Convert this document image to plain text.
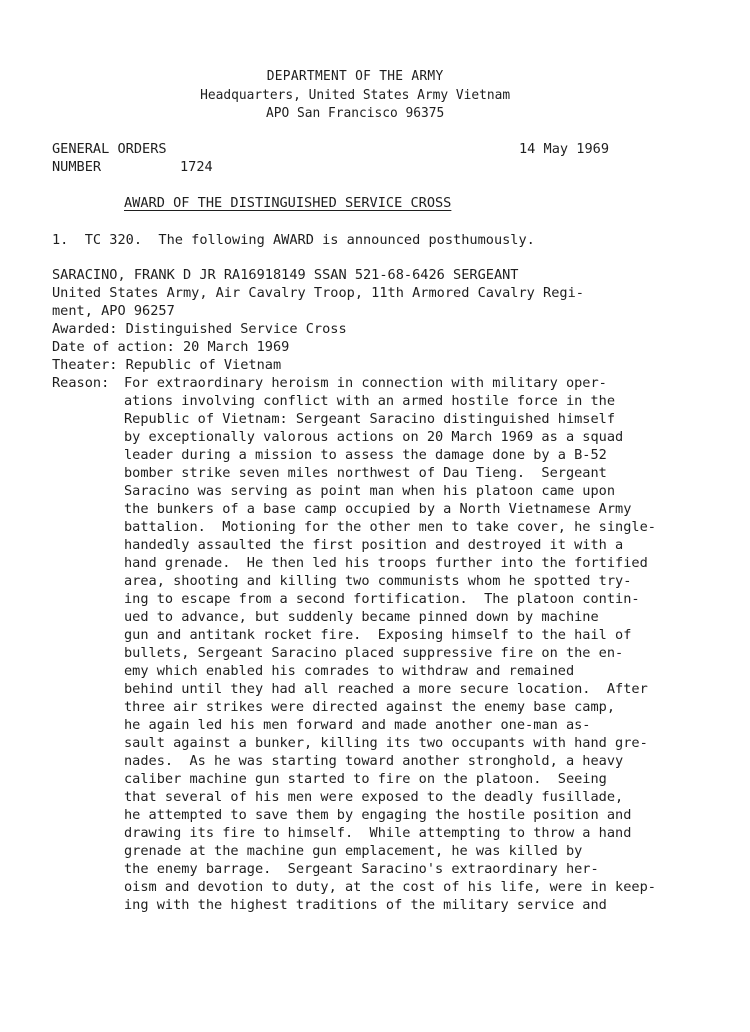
DEPARTMENT OF THE ARMY
Headquarters, United States Army Vietnam
APO San Francisco 96375
GENERAL ORDERS	14 May 1969
NUMBER	1724
AWARD OF THE DISTINGUISHED SERVICE CROSS
1.  TC 320.  The following AWARD is announced posthumously.
SARACINO, FRANK D JR RA16918149 SSAN 521-68-6426 SERGEANT
United States Army, Air Cavalry Troop, 11th Armored Cavalry Regi-
ment, APO 96257
Awarded: Distinguished Service Cross
Date of action: 20 March 1969
Theater: Republic of Vietnam
Reason: For extraordinary heroism in connection with military oper-
ations involving conflict with an armed hostile force in the
Republic of Vietnam: Sergeant Saracino distinguished himself
by exceptionally valorous actions on 20 March 1969 as a squad
leader during a mission to assess the damage done by a B-52
bomber strike seven miles northwest of Dau Tieng.  Sergeant
Saracino was serving as point man when his platoon came upon
the bunkers of a base camp occupied by a North Vietnamese Army
battalion.  Motioning for the other men to take cover, he single-
handedly assaulted the first position and destroyed it with a
hand grenade.  He then led his troops further into the fortified
area, shooting and killing two communists whom he spotted try-
ing to escape from a second fortification.  The platoon contin-
ued to advance, but suddenly became pinned down by machine
gun and antitank rocket fire.  Exposing himself to the hail of
bullets, Sergeant Saracino placed suppressive fire on the en-
emy which enabled his comrades to withdraw and remained
behind until they had all reached a more secure location.  After
three air strikes were directed against the enemy base camp,
he again led his men forward and made another one-man as-
sault against a bunker, killing its two occupants with hand gre-
nades.  As he was starting toward another stronghold, a heavy
caliber machine gun started to fire on the platoon.  Seeing
that several of his men were exposed to the deadly fusillade,
he attempted to save them by engaging the hostile position and
drawing its fire to himself.  While attempting to throw a hand
grenade at the machine gun emplacement, he was killed by
the enemy barrage.  Sergeant Saracino's extraordinary her-
oism and devotion to duty, at the cost of his life, were in keep-
ing with the highest traditions of the military service and
